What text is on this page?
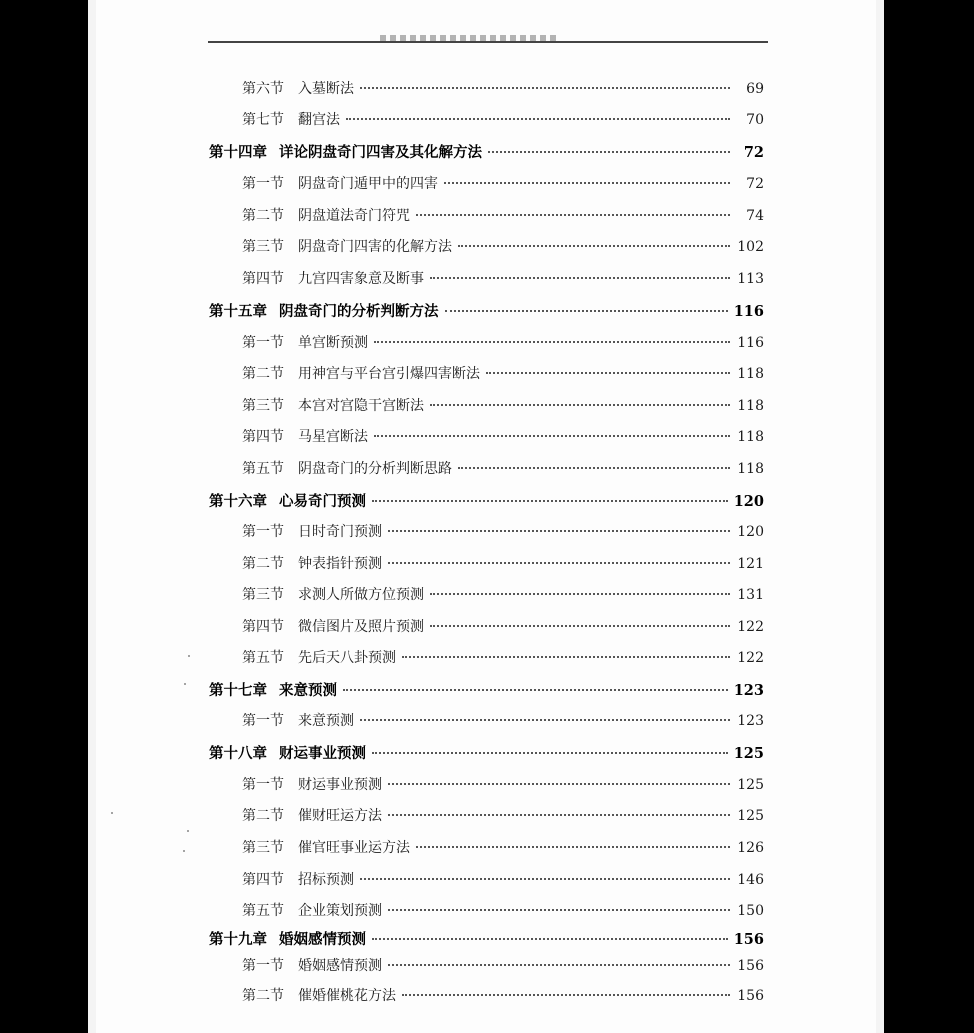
第六节 入墓断法	69
第七节 翻宫法	70
第十四章 详论阴盘奇门四害及其化解方法	72
第一节 阴盘奇门遁甲中的四害	72
第二节 阴盘道法奇门符咒	74
第三节 阴盘奇门四害的化解方法	102
第四节 九宫四害象意及断事	113
第十五章 阴盘奇门的分析判断方法	116
第一节 单宫断预测	116
第二节 用神宫与平台宫引爆四害断法	118
第三节 本宫对宫隐干宫断法	118
第四节 马星宫断法	118
第五节 阴盘奇门的分析判断思路	118
第十六章 心易奇门预测	120
第一节 日时奇门预测	120
第二节 钟表指针预测	121
第三节 求测人所做方位预测	131
第四节 微信图片及照片预测	122
第五节 先后天八卦预测	122
第十七章 来意预测	123
第一节 来意预测	123
第十八章 财运事业预测	125
第一节 财运事业预测	125
第二节 催财旺运方法	125
第三节 催官旺事业运方法	126
第四节 招标预测	146
第五节 企业策划预测	150
第十九章 婚姻感情预测	156
第一节 婚姻感情预测	156
第二节 催婚催桃花方法	156
